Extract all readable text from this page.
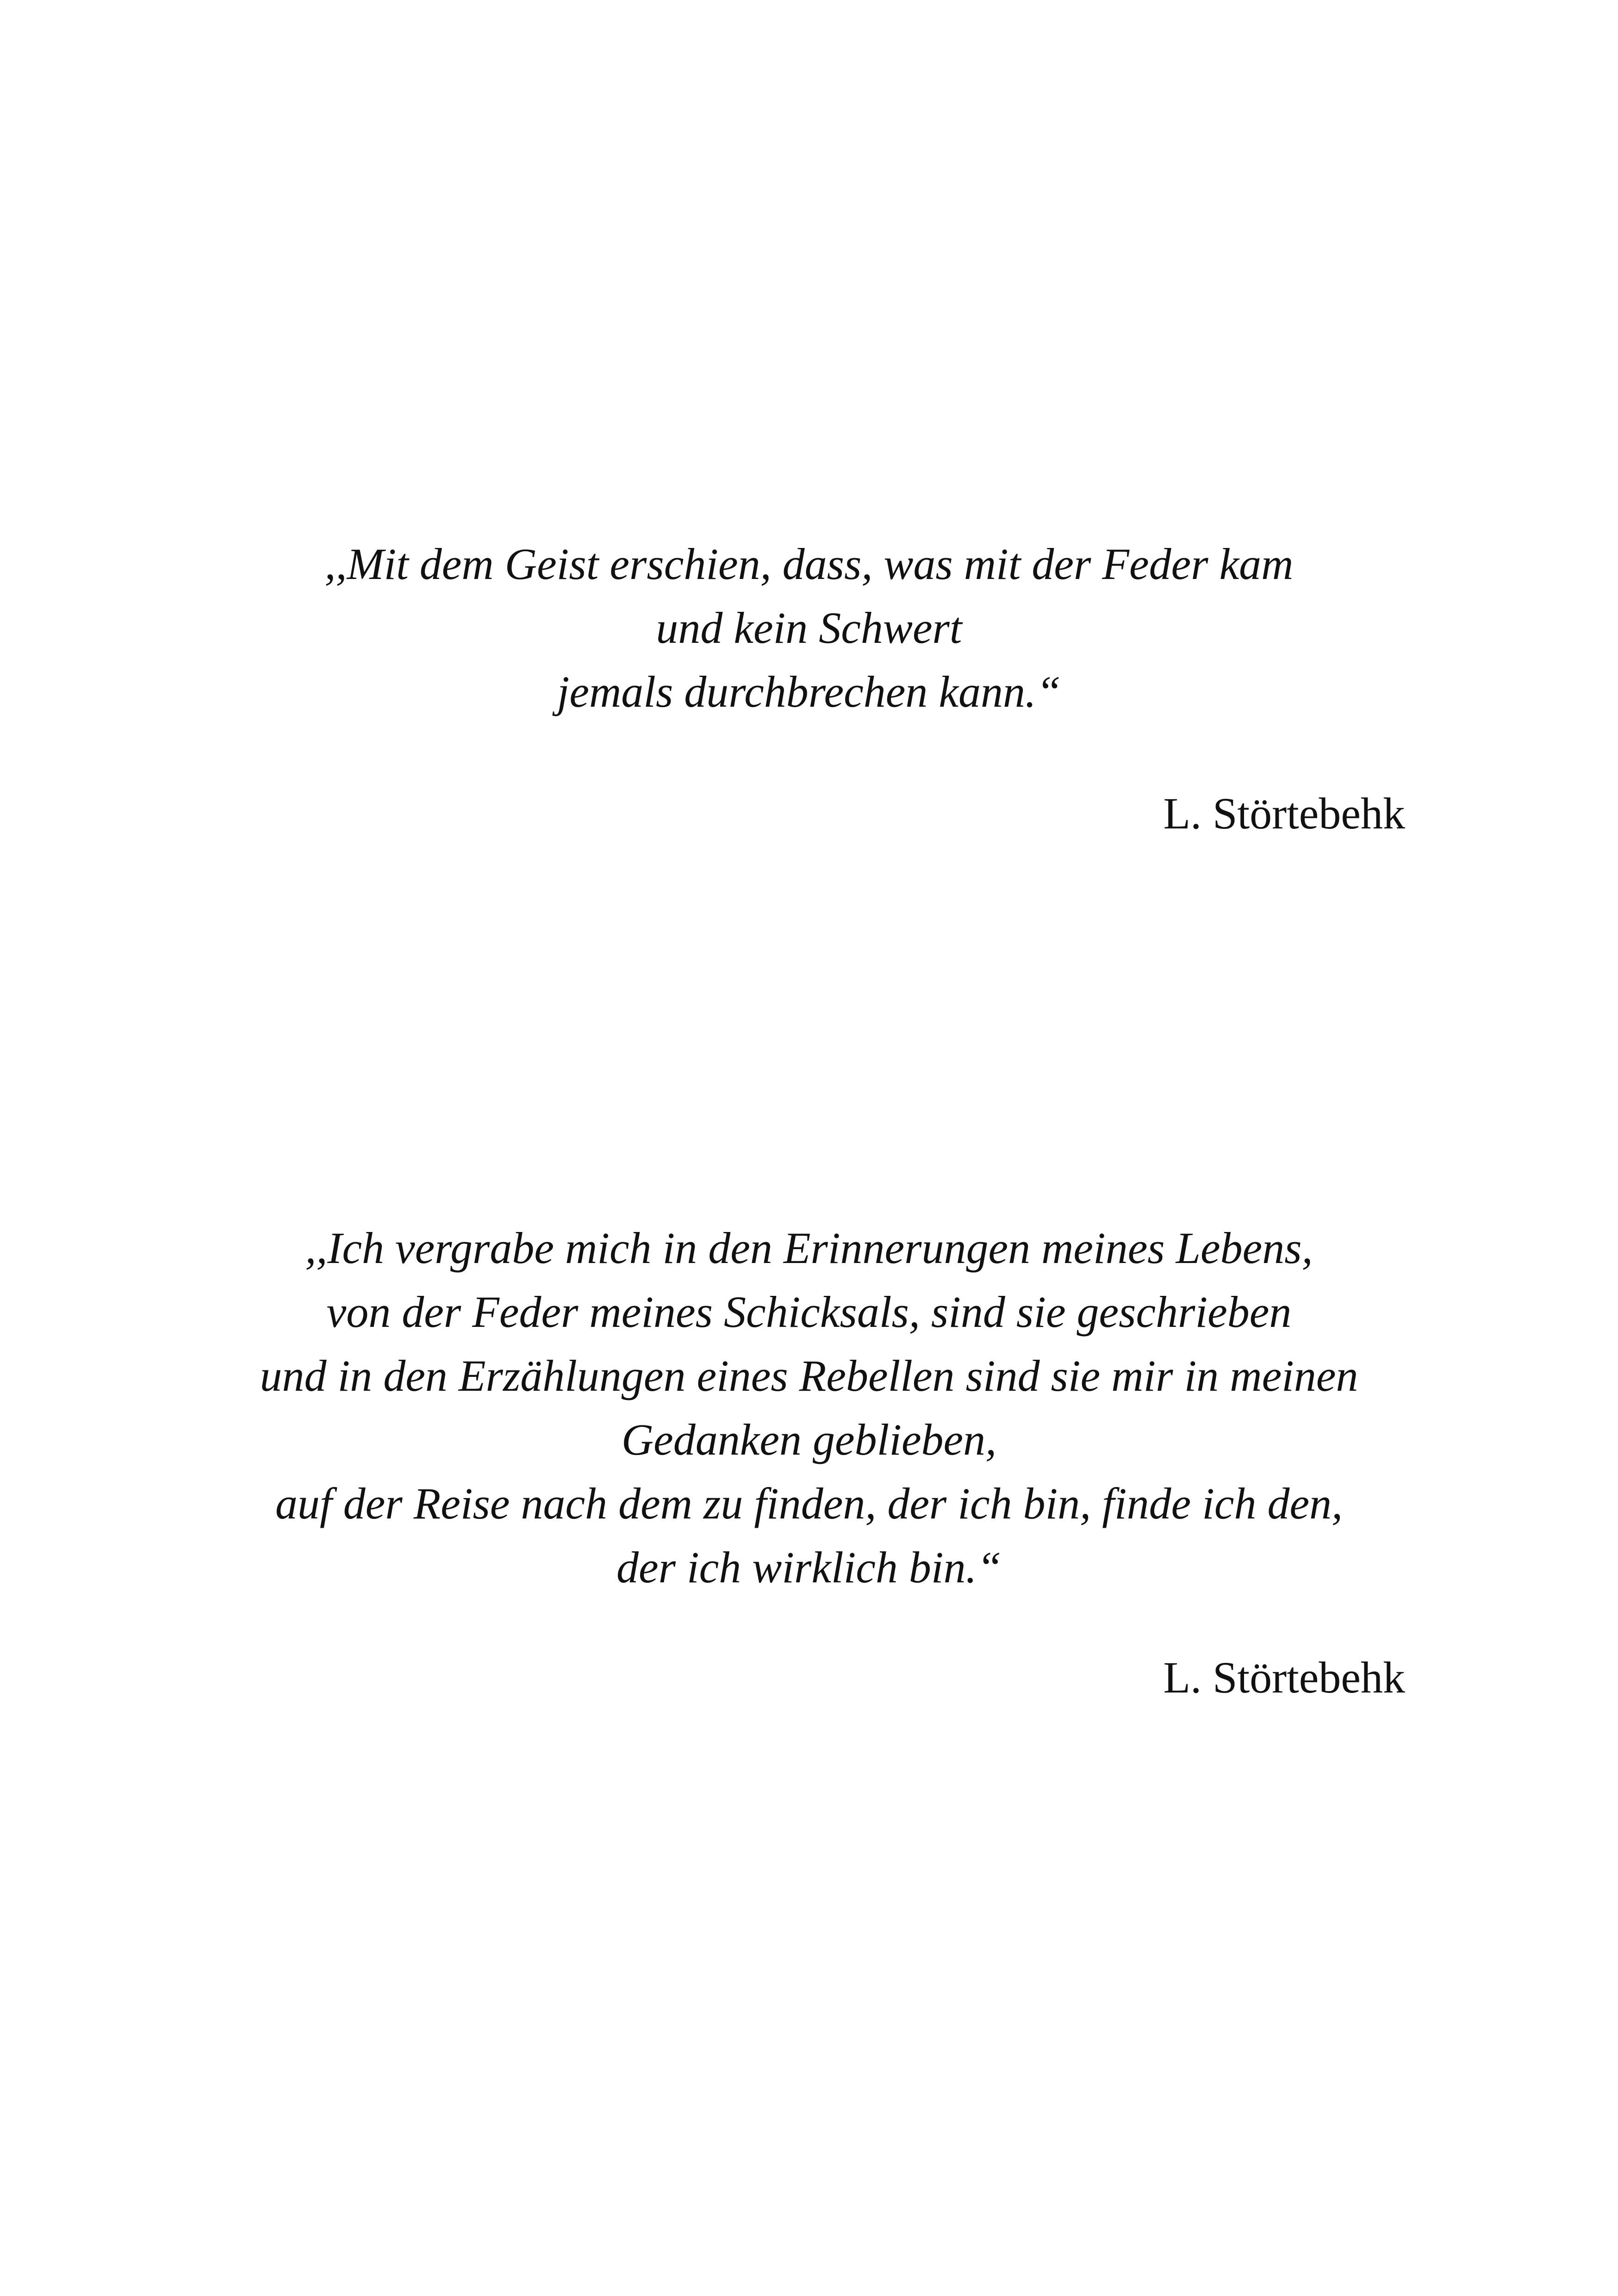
,,Mit dem Geist erschien, dass, was mit der Feder kam
und kein Schwert
jemals durchbrechen kann.“
L. Störtebehk
,,Ich vergrabe mich in den Erinnerungen meines Lebens,
von der Feder meines Schicksals, sind sie geschrieben
und in den Erzählungen eines Rebellen sind sie mir in meinen
Gedanken geblieben,
auf der Reise nach dem zu finden, der ich bin, finde ich den,
der ich wirklich bin.“
L. Störtebehk
